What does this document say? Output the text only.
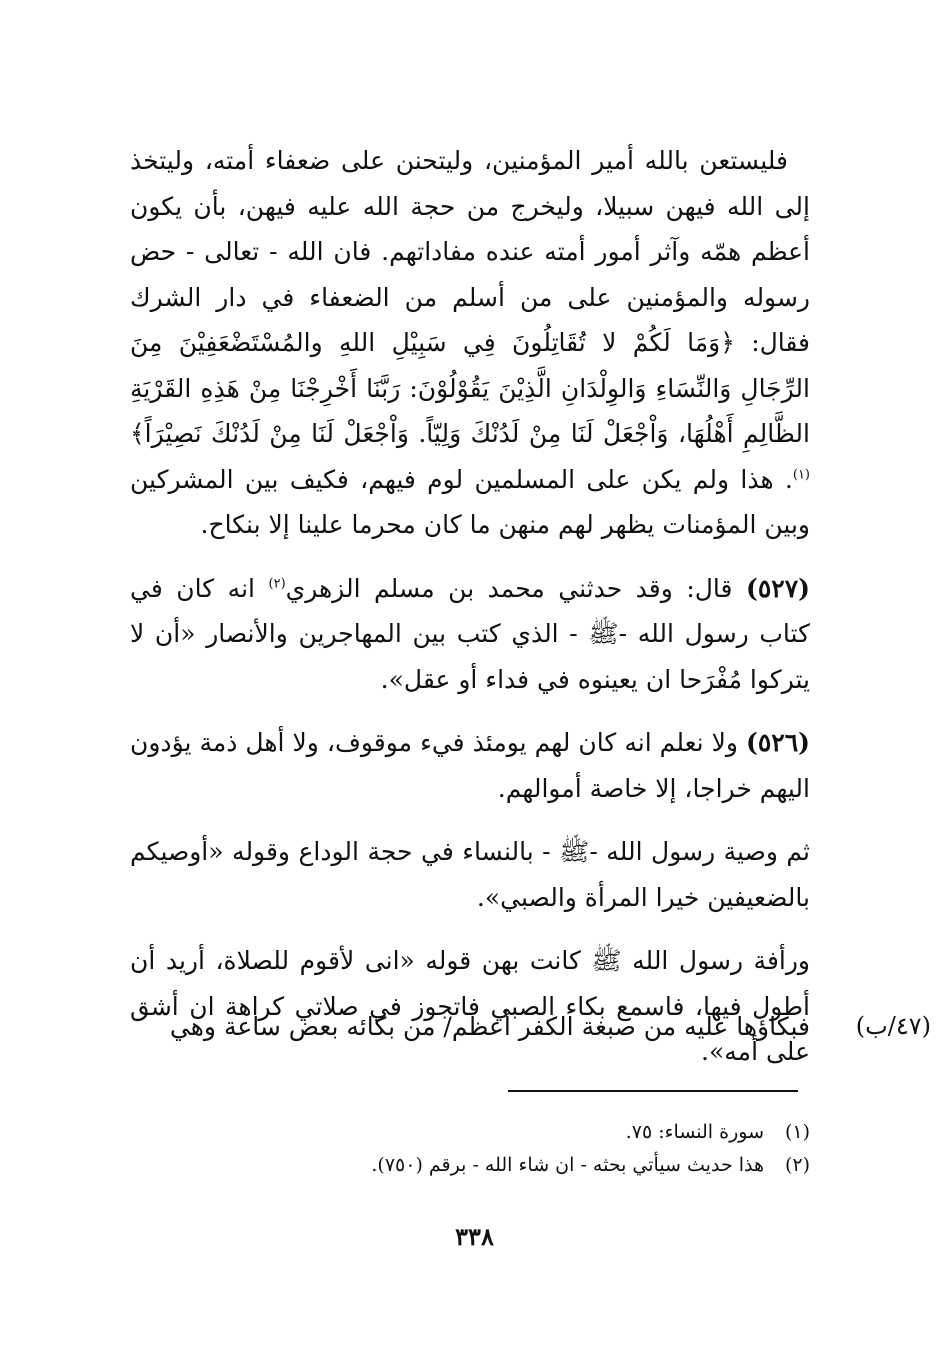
فليستعن بالله أمير المؤمنين، وليتحنن على ضعفاء أمته، وليتخذ إلى الله فيهن سبيلا، وليخرج من حجة الله عليه فيهن، بأن يكون أعظم همّه وآثر أمور أمته عنده مفاداتهم. فان الله - تعالى - حض رسوله والمؤمنين على من أسلم من الضعفاء في دار الشرك فقال: ﴿وَمَا لَكُمْ لا تُقَاتِلُونَ فِي سَبِيْلِ اللهِ والمُسْتَضْعَفِيْنَ مِنَ الرِّجَالِ وَالنِّسَاءِ وَالوِلْدَانِ الَّذِيْنَ يَقُوْلُوْنَ: رَبَّنَا أَخْرِجْنَا مِنْ هَذِهِ القَرْيَةِ الظَّالِمِ أَهْلُهَا، وَاْجْعَلْ لَنَا مِنْ لَدُنْكَ وَلِيّاً. وَاْجْعَلْ لَنَا مِنْ لَدُنْكَ نَصِيْرَاً﴾$^{(١)}$. هذا ولم يكن على المسلمين لوم فيهم، فكيف بين المشركين وبين المؤمنات يظهر لهم منهن ما كان محرما علينا إلا بنكاح.

(٥٢٧) قال: وقد حدثني محمد بن مسلم الزهري$^{(٢)}$ انه كان في كتاب رسول الله -ﷺ - الذي كتب بين المهاجرين والأنصار «أن لا يتركوا مُفْرَحا ان يعينوه في فداء أو عقل».

(٥٢٦) ولا نعلم انه كان لهم يومئذ فيء موقوف، ولا أهل ذمة يؤدون اليهم خراجا، إلا خاصة أموالهم.

ثم وصية رسول الله -ﷺ - بالنساء في حجة الوداع وقوله «أوصيكم بالضعيفين خيرا المرأة والصبي».

ورأفة رسول الله ﷺ كانت بهن قوله «انى لأقوم للصلاة، أريد أن أطول فيها، فاسمع بكاء الصبي فاتجوز في صلاتي كراهة ان أشق على أمه».

فبكاؤها عليه من صبغة الكفر أعظم/ من بكائه بعض ساعة وهي (٤٧/ب)
(١)
سورة النساء: ٧٥.
(٢)
هذا حديث سيأتي بحثه - ان شاء الله - برقم (٧٥٠).
٣٣٨
